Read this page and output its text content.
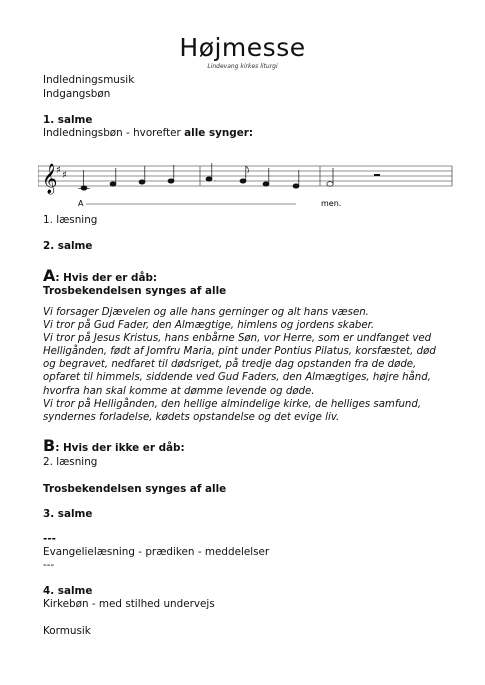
Højmesse
Lindevang kirkes liturgi
Indledningsmusik
Indgangsbøn
1. salme
Indledningsbøn - hvorefter alle synger:
𝄞
♯ ♯	.
A	men.
1. læsning
2. salme
A: Hvis der er dåb:
Trosbekendelsen synges af alle
Vi forsager Djævelen og alle hans gerninger og alt hans væsen.
Vi tror på Gud Fader, den Almægtige, himlens og jordens skaber.
Vi tror på Jesus Kristus, hans enbårne Søn, vor Herre, som er undfanget ved
Helligånden, født af Jomfru Maria, pint under Pontius Pilatus, korsfæstet, død
og begravet, nedfaret til dødsriget, på tredje dag opstanden fra de døde,
opfaret til himmels, siddende ved Gud Faders, den Almægtiges, højre hånd,
hvorfra han skal komme at dømme levende og døde.
Vi tror på Helligånden, den hellige almindelige kirke, de helliges samfund,
syndernes forladelse, kødets opstandelse og det evige liv.
B: Hvis der ikke er dåb:
2. læsning
Trosbekendelsen synges af alle
3. salme
---
Evangelielæsning - prædiken - meddelelser
---
4. salme
Kirkebøn - med stilhed undervejs
Kormusik
